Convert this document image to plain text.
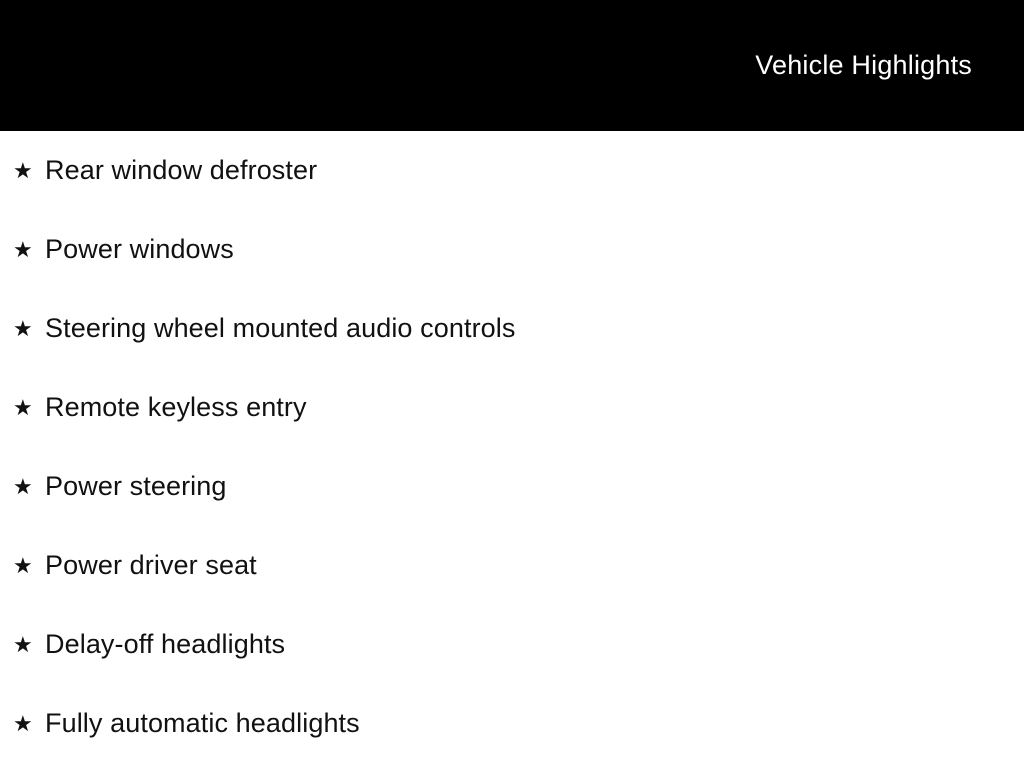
Vehicle Highlights
★ Rear window defroster
★ Power windows
★ Steering wheel mounted audio controls
★ Remote keyless entry
★ Power steering
★ Power driver seat
★ Delay-off headlights
★ Fully automatic headlights
